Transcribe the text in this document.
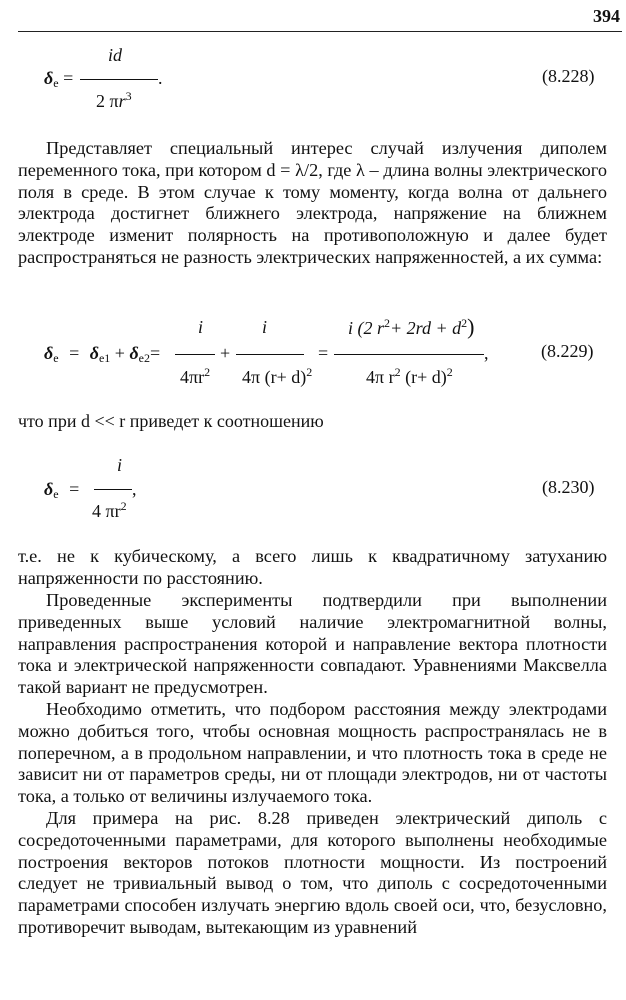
394
id
$\delta_e$ =	.
2 $\pi r^3$
(8.228)

Представляет специальный интерес случай излучения диполем переменного тока, при котором d = λ/2, где λ – длина волны электрического поля в среде. В этом случае к тому моменту, когда волна от дальнего электрода достигнет ближнего электрода, напряжение на ближнем электроде изменит полярность на противоположную и далее будет распространяться не разность электрических напряженностей, а их сумма:

i	i	i (2 $r^2+ 2rd + d^2$)
$\delta_e = \delta_{e1} + \delta_{e2}=$	+	=	,	(8.229)
$4\pi r^2$ 4π $(r+ d)^2$	4π $r^2$ $(r+ d)^2$
что при d << r приведет к соотношению
i
$\delta_e$ =	,
4 $\pi r^2$
(8.230)

т.е. не к кубическому, а всего лишь к квадратичному затуханию напряженности по расстоянию.

Проведенные эксперименты подтвердили при выполнении приведенных выше условий наличие электромагнитной волны, направления распространения которой и направление вектора плотности тока и электрической напряженности совпадают. Уравнениями Максвелла такой вариант не предусмотрен.

Необходимо отметить, что подбором расстояния между электродами можно добиться того, чтобы основная мощность распространялась не в поперечном, а в продольном направлении, и что плотность тока в среде не зависит ни от параметров среды, ни от площади электродов, ни от частоты тока, а только от величины излучаемого тока.

Для примера на рис. 8.28 приведен электрический диполь с сосредоточенными параметрами, для которого выполнены необходимые построения векторов потоков плотности мощности. Из построений следует не тривиальный вывод о том, что диполь с сосредоточенными параметрами способен излучать энергию вдоль своей оси, что, безусловно, противоречит выводам, вытекающим из уравнений
